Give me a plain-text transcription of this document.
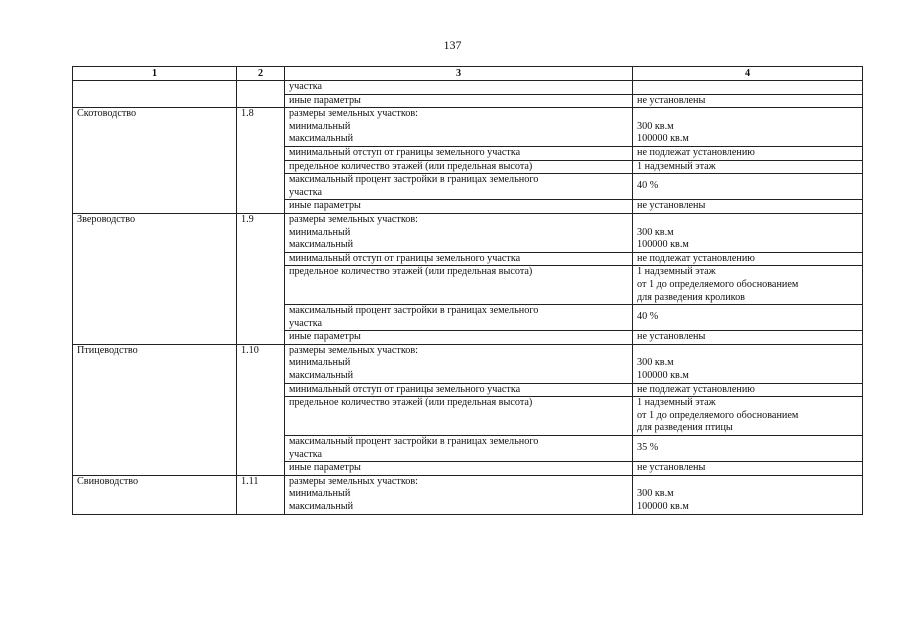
137
1	2	3	4

		участка	

		иные параметры	не установлены

Скотоводство	1.8	размеры земельных участков:
минимальный
максимальный	300 кв.м
100000 кв.м

		минимальный отступ от границы земельного участка	не подлежат установлению

		предельное количество этажей (или предельная высота)	1 надземный этаж

		максимальный процент застройки в границах земельного
участка	40 %

		иные параметры	не установлены

Звероводство	1.9	размеры земельных участков:
минимальный
максимальный	300 кв.м
100000 кв.м

		минимальный отступ от границы земельного участка	не подлежат установлению

		предельное количество этажей (или предельная высота)	1 надземный этаж
от 1 до определяемого обоснованием
для разведения кроликов

		максимальный процент застройки в границах земельного
участка	40 %

		иные параметры	не установлены

Птицеводство	1.10	размеры земельных участков:
минимальный
максимальный	300 кв.м
100000 кв.м

		минимальный отступ от границы земельного участка	не подлежат установлению

		предельное количество этажей (или предельная высота)	1 надземный этаж
от 1 до определяемого обоснованием
для разведения птицы

		максимальный процент застройки в границах земельного
участка	35 %

		иные параметры	не установлены

Свиноводство	1.11	размеры земельных участков:
минимальный
максимальный	300 кв.м
100000 кв.м
